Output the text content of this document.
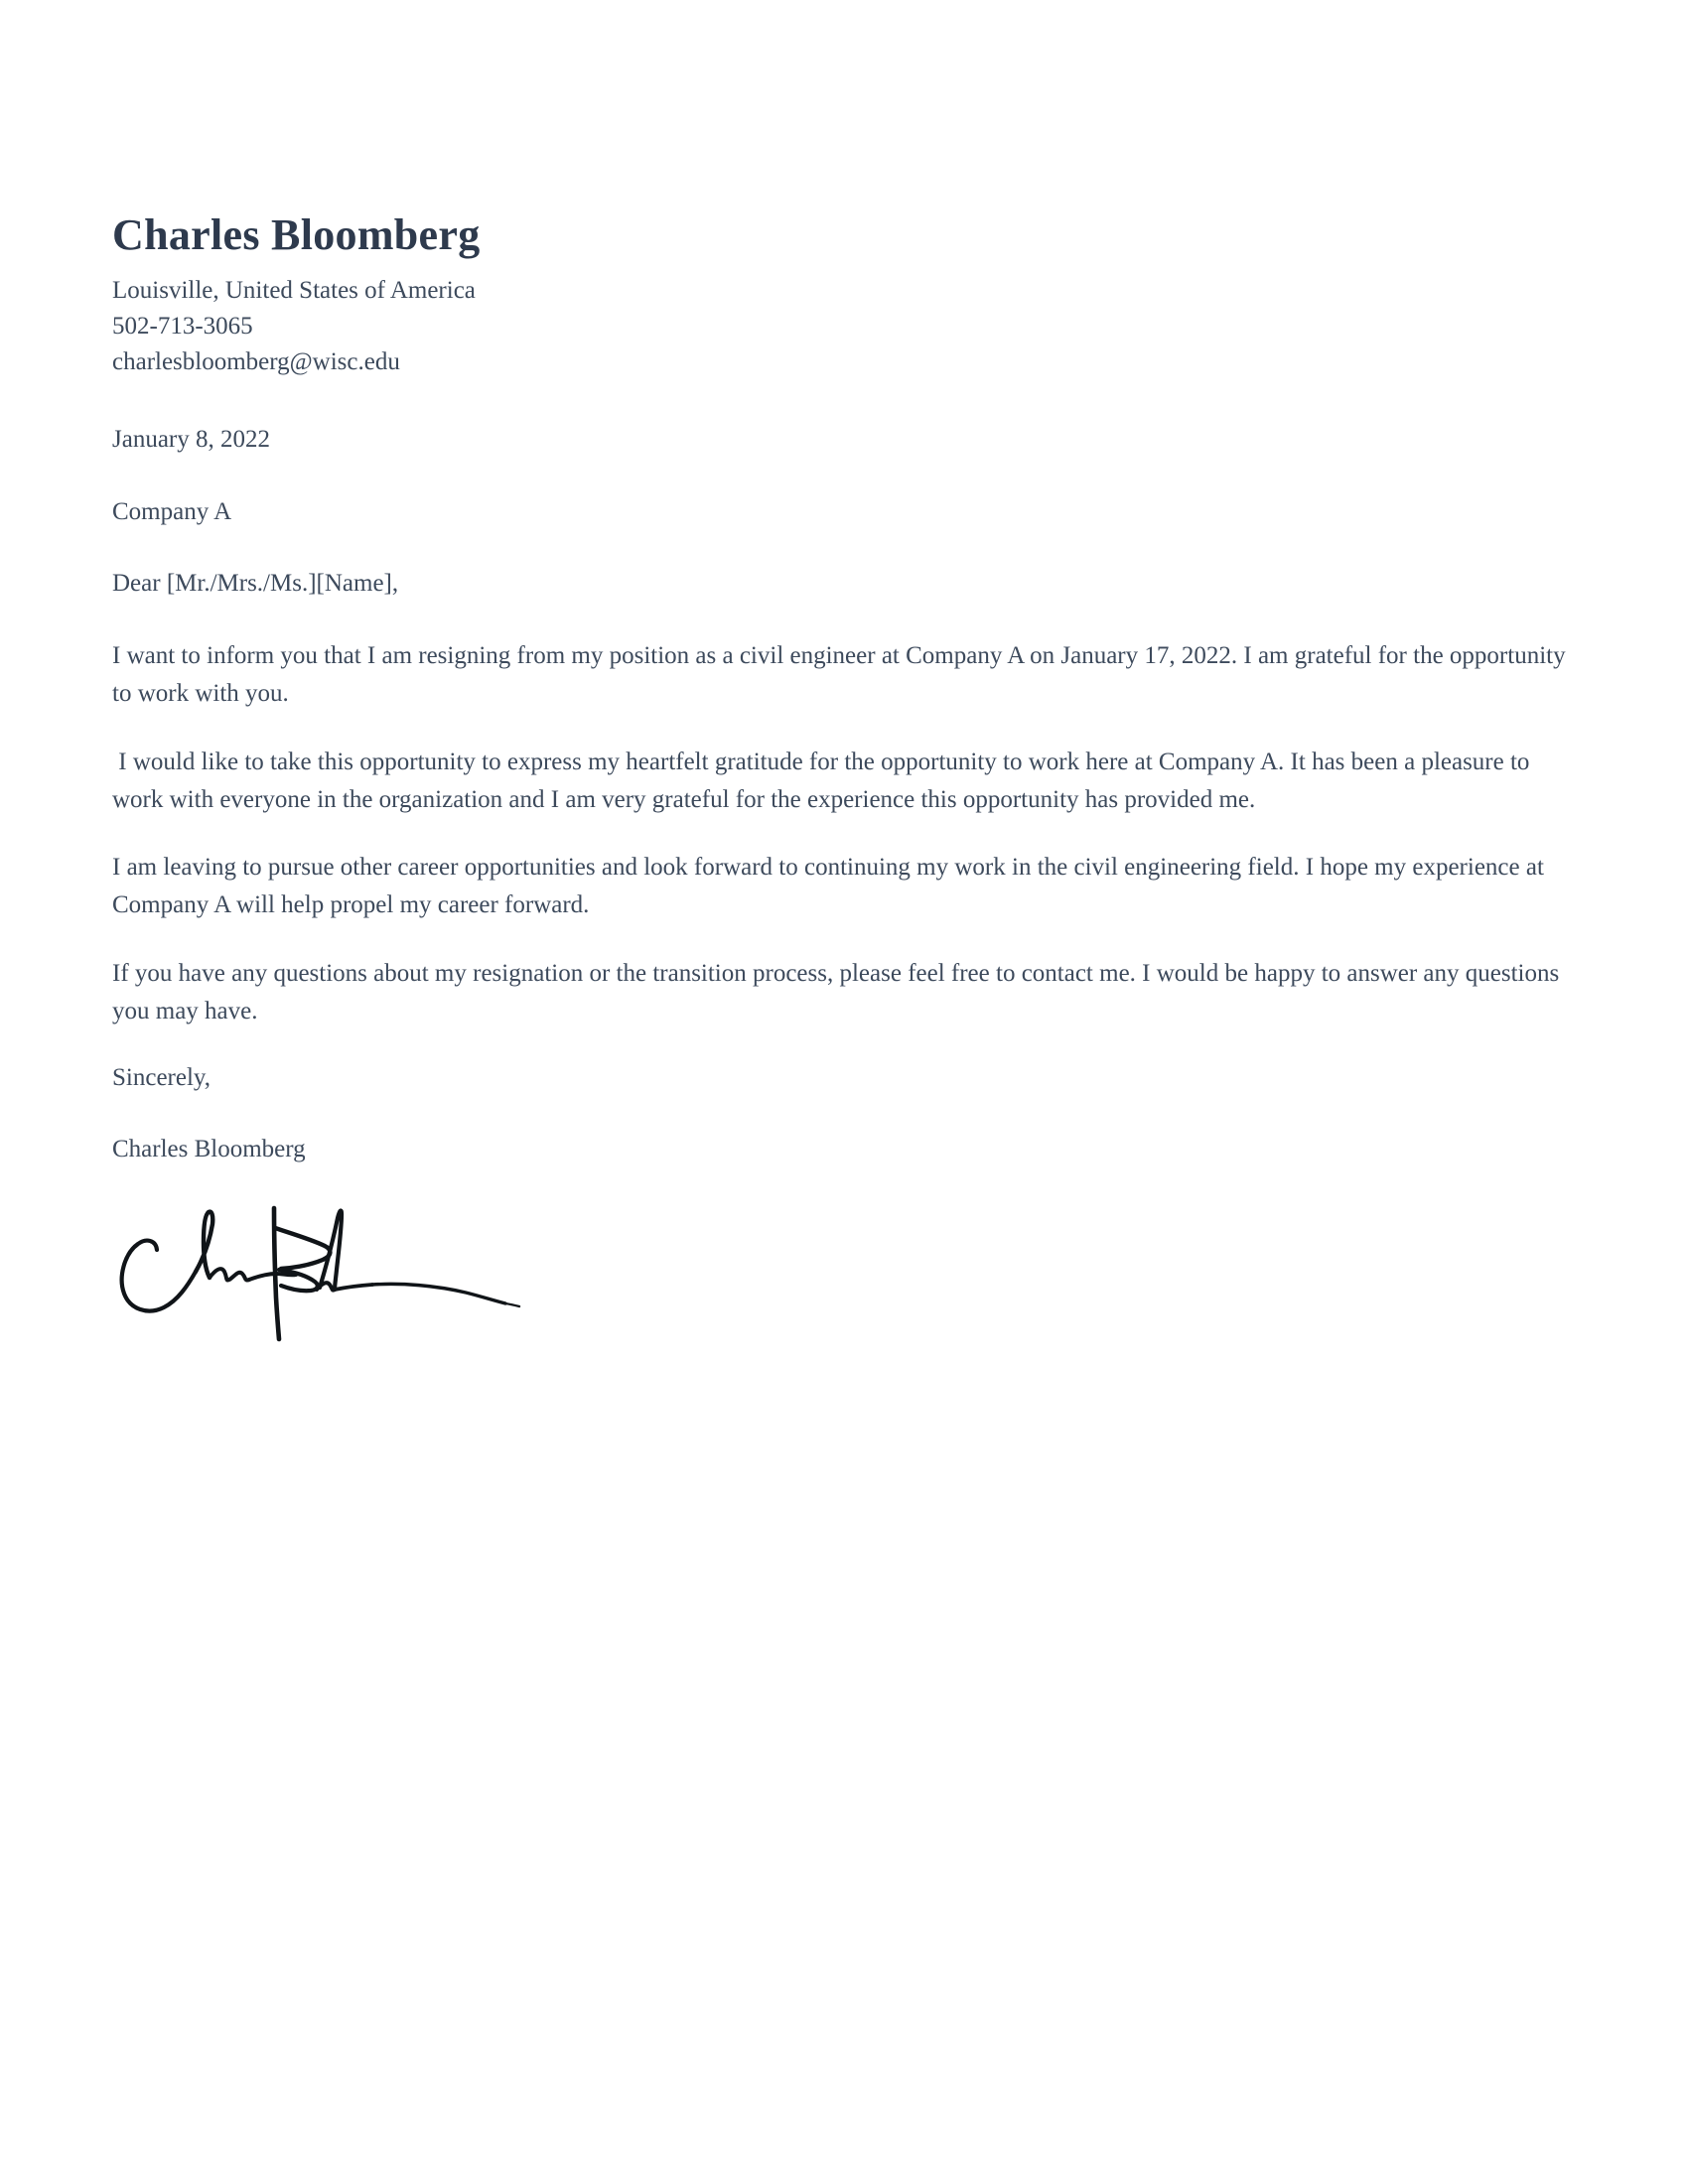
Charles Bloomberg

Louisville, United States of America

502-713-3065

charlesbloomberg@wisc.edu

January 8, 2022

Company A

Dear [Mr./Mrs./Ms.][Name],

I want to inform you that I am resigning from my position as a civil engineer at Company A on January 17, 2022. I am grateful for the opportunity to work with you.

I would like to take this opportunity to express my heartfelt gratitude for the opportunity to work here at Company A. It has been a pleasure to work with everyone in the organization and I am very grateful for the experience this opportunity has provided me.

I am leaving to pursue other career opportunities and look forward to continuing my work in the civil engineering field. I hope my experience at Company A will help propel my career forward.

If you have any questions about my resignation or the transition process, please feel free to contact me. I would be happy to answer any questions you may have.

Sincerely,

Charles Bloomberg
